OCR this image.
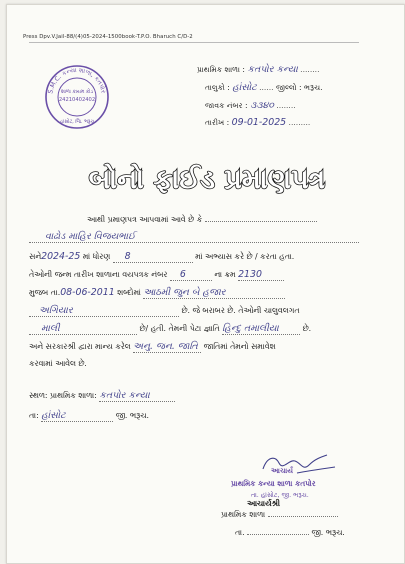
Press Dpv.V.Jail-88/(4)05-2024-1500book-T.P.O. Bharuch C/D-2
S.M.C. કન્યા શાળા, કતપોર
શાળા કાયમ કોડ
24210402402
હાંસોટ, જિ. ભરૂચ
પ્રાથમિક શાળા : કતપોર કન્યા ........
તાલુકો : હાંસોટ ...... જીલ્લો : ભરૂચ.
જાવક નંબર : ૩૩૪૦ ........
તારીખ : 09-01-2025 .........
બોનો ફાઈડ પ્રમાણપત્ર
આથી પ્રમાણપત્ર આપવામાં આવે છે કે
વાઢોડ માહિર વિજયભાઈ
સને2024-25 માં ધોરણ 8	માં અભ્યાસ કરે છે / કરતા હતા.
તેઓની જન્મ તારીખ શાળાના વયપત્રક નંબર 6	ના ક્રમ 2130
મુજબ તા.08-06-2011 શબ્દોમાં આઠમી જુન બે હજાર
અગિયાર	છે. જે બરાબર છે. તેઓની ચાલુવલગત
માલી	છે/ હતી. તેમની પેટા જ્ઞાતિ હિન્દુ તમાલીયા	છે.
અને સરકારશ્રી દ્વારા માન્ય કરેલ અનુ. જન. જાતિ જાતિમાં તેમનો સમાવેશ
કરવામાં આવેલ છે.
સ્થળ: પ્રાથમિક શાળા: કતપોર કન્યા
તા: હાંસોટ	જી. ભરૂચ.
આચાર્ય
પ્રાથમિક કન્યા શાળા કતપોર
તા. હાંસોટ, જી. ભરૂચ.
આચાર્યશ્રી
પ્રાથમિક શાળા
તા.	જી. ભરૂચ.
